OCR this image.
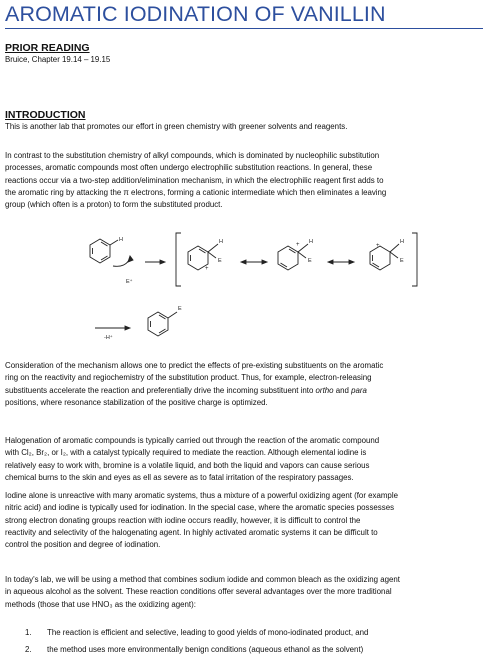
AROMATIC IODINATION OF VANILLIN
PRIOR READING
Bruice, Chapter 19.14 – 19.15
INTRODUCTION
This is another lab that promotes our effort in green chemistry with greener solvents and reagents.
In contrast to the substitution chemistry of alkyl compounds, which is dominated by nucleophilic substitution
processes, aromatic compounds most often undergo electrophilic substitution reactions. In general, these
reactions occur via a two-step addition/elimination mechanism, in which the electrophilic reagent first adds to
the aromatic ring by attacking the π electrons, forming a cationic intermediate which then eliminates a leaving
group (which often is a proton) to form the substituted product.
H
E⁺
H
E
H
E
H
E
-H⁺
E
+
+	+
Consideration of the mechanism allows one to predict the effects of pre-existing substituents on the aromatic
ring on the reactivity and regiochemistry of the substitution product. Thus, for example, electron-releasing
substituents accelerate the reaction and preferentially drive the incoming substituent into ortho and para
positions, where resonance stabilization of the positive charge is optimized.
Halogenation of aromatic compounds is typically carried out through the reaction of the aromatic compound
with Cl₂, Br₂, or I₂, with a catalyst typically required to mediate the reaction. Although elemental iodine is
relatively easy to work with, bromine is a volatile liquid, and both the liquid and vapors can cause serious
chemical burns to the skin and eyes as ell as severe as to fatal irritation of the respiratory passages.
Iodine alone is unreactive with many aromatic systems, thus a mixture of a powerful oxidizing agent (for example
nitric acid) and iodine is typically used for iodination. In the special case, where the aromatic species possesses
strong electron donating groups reaction with iodine occurs readily, however, it is difficult to control the
reactivity and selectivity of the halogenating agent. In highly activated aromatic systems it can be difficult to
control the position and degree of iodination.
In today's lab, we will be using a method that combines sodium iodide and common bleach as the oxidizing agent
in aqueous alcohol as the solvent. These reaction conditions offer several advantages over the more traditional
methods (those that use HNO₃ as the oxidizing agent):
1. The reaction is efficient and selective, leading to good yields of mono-iodinated product, and
2. the method uses more environmentally benign conditions (aqueous ethanol as the solvent)
